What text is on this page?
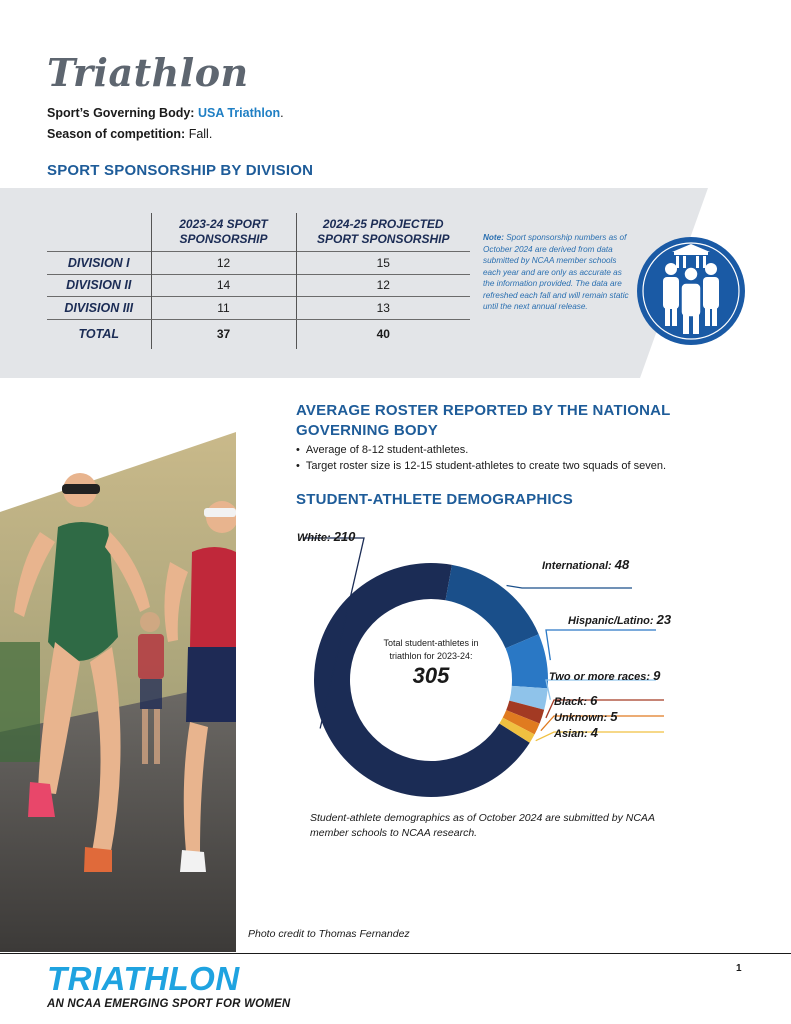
Triathlon
Sport’s Governing Body: USA Triathlon.
Season of competition: Fall.
SPORT SPONSORSHIP BY DIVISION
	2023-24 SPORT SPONSORSHIP	2024-25 PROJECTED SPORT SPONSORSHIP
DIVISION I	12	15
DIVISION II	14	12
DIVISION III	11	13
TOTAL	37	40
Note: Sport sponsorship numbers as of October 2024 are derived from data submitted by NCAA member schools each year and are only as accurate as the information provided. The data are refreshed each fall and will remain static until the next annual release.
AVERAGE ROSTER REPORTED BY THE NATIONAL GOVERNING BODY
• Average of 8-12 student-athletes.
• Target roster size is 12-15 student-athletes to create two squads of seven.
STUDENT-ATHLETE DEMOGRAPHICS
Total student-athletes in triathlon for 2023-24:
305
White: 210
International: 48
Hispanic/Latino: 23
Two or more races: 9
Black: 6
Unknown: 5
Asian: 4
Student-athlete demographics as of October 2024 are submitted by NCAA member schools to NCAA research.
Photo credit to Thomas Fernandez
TRIATHLON
AN NCAA EMERGING SPORT FOR WOMEN
1
